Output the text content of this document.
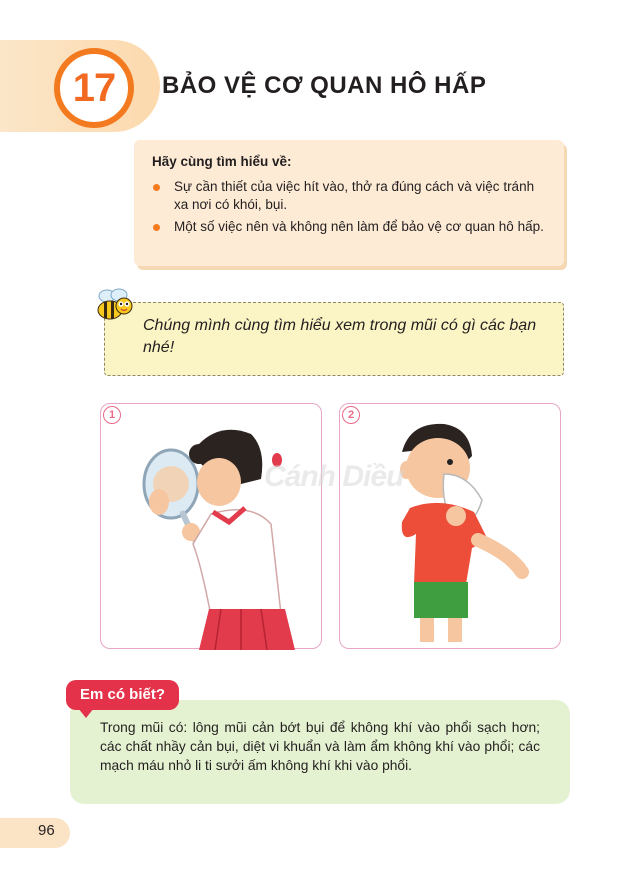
17 BẢO VỆ CƠ QUAN HÔ HẤP
Hãy cùng tìm hiểu về:
Sự cần thiết của việc hít vào, thở ra đúng cách và việc tránh xa nơi có khói, bụi.
Một số việc nên và không nên làm để bảo vệ cơ quan hô hấp.
Chúng mình cùng tìm hiểu xem trong mũi có gì các bạn nhé!
1	2
Cánh Diều
Em có biết?
Trong mũi có: lông mũi cản bớt bụi để không khí vào phổi sạch hơn; các chất nhầy cản bụi, diệt vi khuẩn và làm ẩm không khí vào phổi; các mạch máu nhỏ li ti sưởi ấm không khí khi vào phổi.
96
